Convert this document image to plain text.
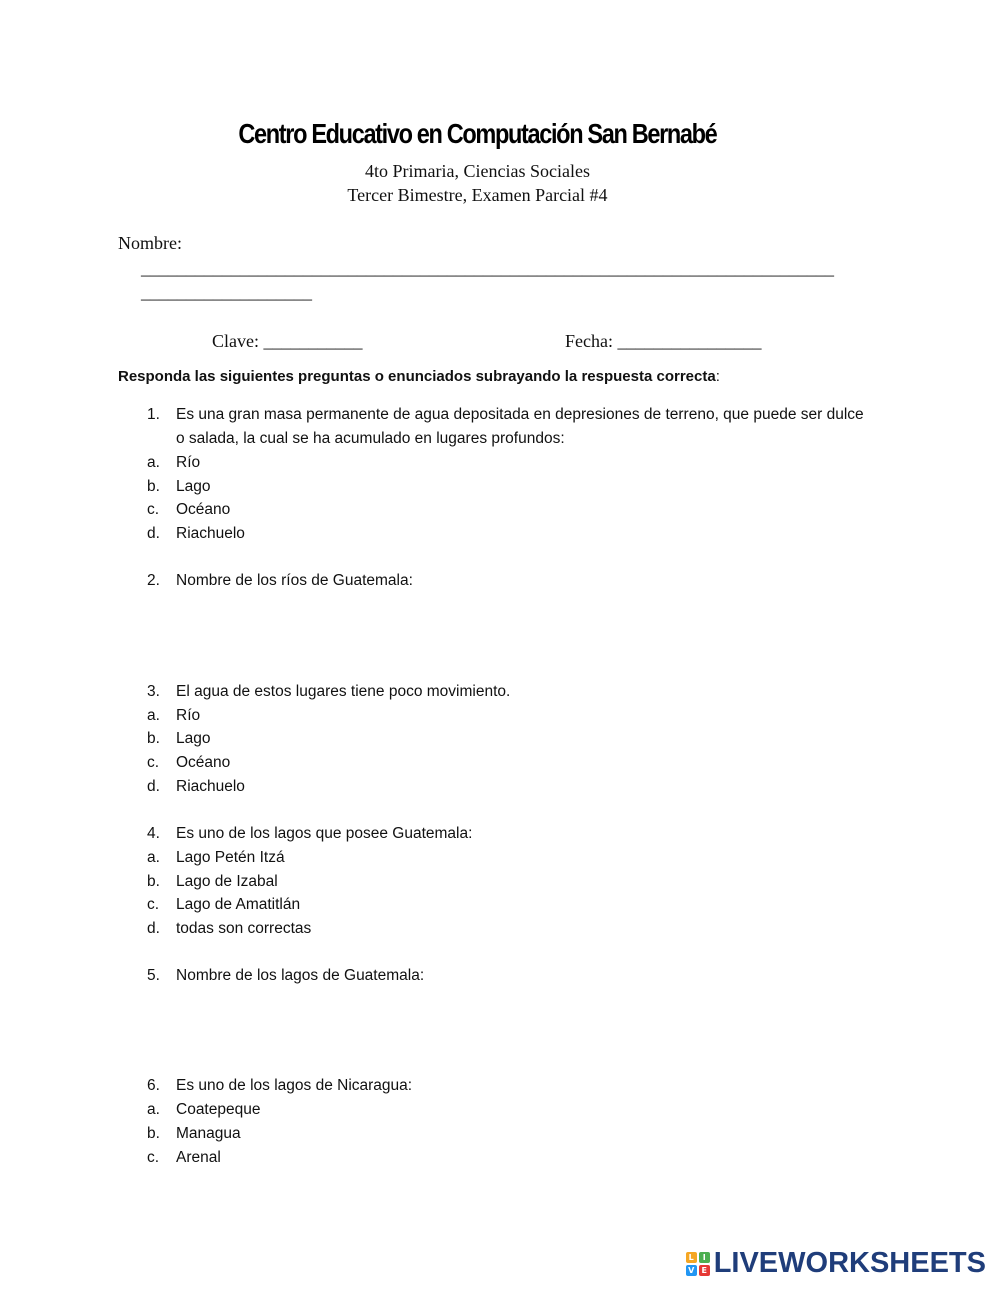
Centro Educativo en Computación San Bernabé
4to Primaria, Ciencias Sociales
Tercer Bimestre, Examen Parcial #4
Nombre:
_____________________________________________________________________________
___________________
Clave: ___________	Fecha: ________________
Responda las siguientes preguntas o enunciados subrayando la respuesta correcta:
1.	Es una gran masa permanente de agua depositada en depresiones de terreno, que puede ser dulce o salada, la cual se ha acumulado en lugares profundos:
a.	Río
b.	Lago
c.	Océano
d.	Riachuelo
2.	Nombre de los ríos de Guatemala:
3.	El agua de estos lugares tiene poco movimiento.
a.	Río
b.	Lago
c.	Océano
d.	Riachuelo
4.	Es uno de los lagos que posee Guatemala:
a.	Lago Petén Itzá
b.	Lago de Izabal
c.	Lago de Amatitlán
d.	todas son correctas
5.	Nombre de los lagos de Guatemala:
6.	Es uno de los lagos de Nicaragua:
a.	Coatepeque
b.	Managua
c.	Arenal
L	I
V E LIVEWORKSHEETS
